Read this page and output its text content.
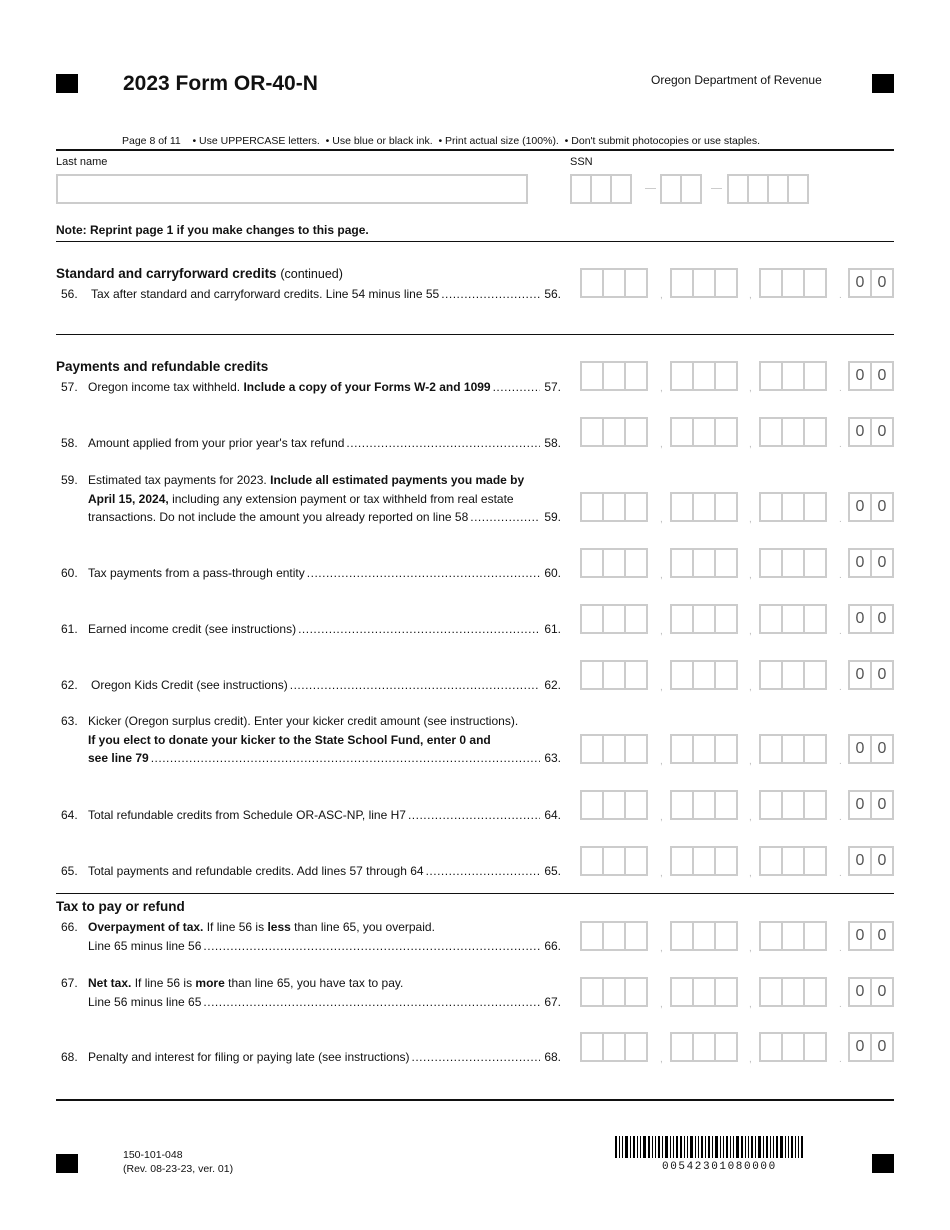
2023 Form OR-40-N	Oregon Department of Revenue
Page 8 of 11    • Use UPPERCASE letters.  • Use blue or black ink.  • Print actual size (100%).  • Don't submit photocopies or use staples.
Last name	SSN
Note: Reprint page 1 if you make changes to this page.
Standard and carryforward credits (continued)
56. Tax after standard and carryforward credits. Line 54 minus line 55 .....	56.	,	,	.
0 0
Payments and refundable credits
57. Oregon income tax withheld. Include a copy of your Forms W-2 and 1099 .....	57.	,	,	.
0 0
58. Amount applied from your prior year's tax refund .....	58.	,	,	.
0 0
59. Estimated tax payments for 2023. Include all estimated payments you made by
April 15, 2024, including any extension payment or tax withheld from real estate
transactions. Do not include the amount you already reported on line 58 .....	59.	,	,	.
0 0
60. Tax payments from a pass-through entity .....	60.	,	,	.
0 0
61. Earned income credit (see instructions) .....	61.	,	,	.
0 0
62. Oregon Kids Credit (see instructions) .....	62.	,	,	.
0 0
63. Kicker (Oregon surplus credit). Enter your kicker credit amount (see instructions).
If you elect to donate your kicker to the State School Fund, enter 0 and
see line 79 .....	63.	,	,	.
0 0
64. Total refundable credits from Schedule OR-ASC-NP, line H7 .....	64.	,	,	.
0 0
65. Total payments and refundable credits. Add lines 57 through 64 .....	65.	,	,	.
0 0
Tax to pay or refund
66. Overpayment of tax. If line 56 is less than line 65, you overpaid.
Line 65 minus line 56 .....	66.	,	,	.
0 0
67. Net tax. If line 56 is more than line 65, you have tax to pay.
Line 56 minus line 65 .....	67.	,	,	.
0 0
68. Penalty and interest for filing or paying late (see instructions) .....	68.	,	,	.
0 0
150-101-048
(Rev. 08-23-23, ver. 01)	00542301080000
